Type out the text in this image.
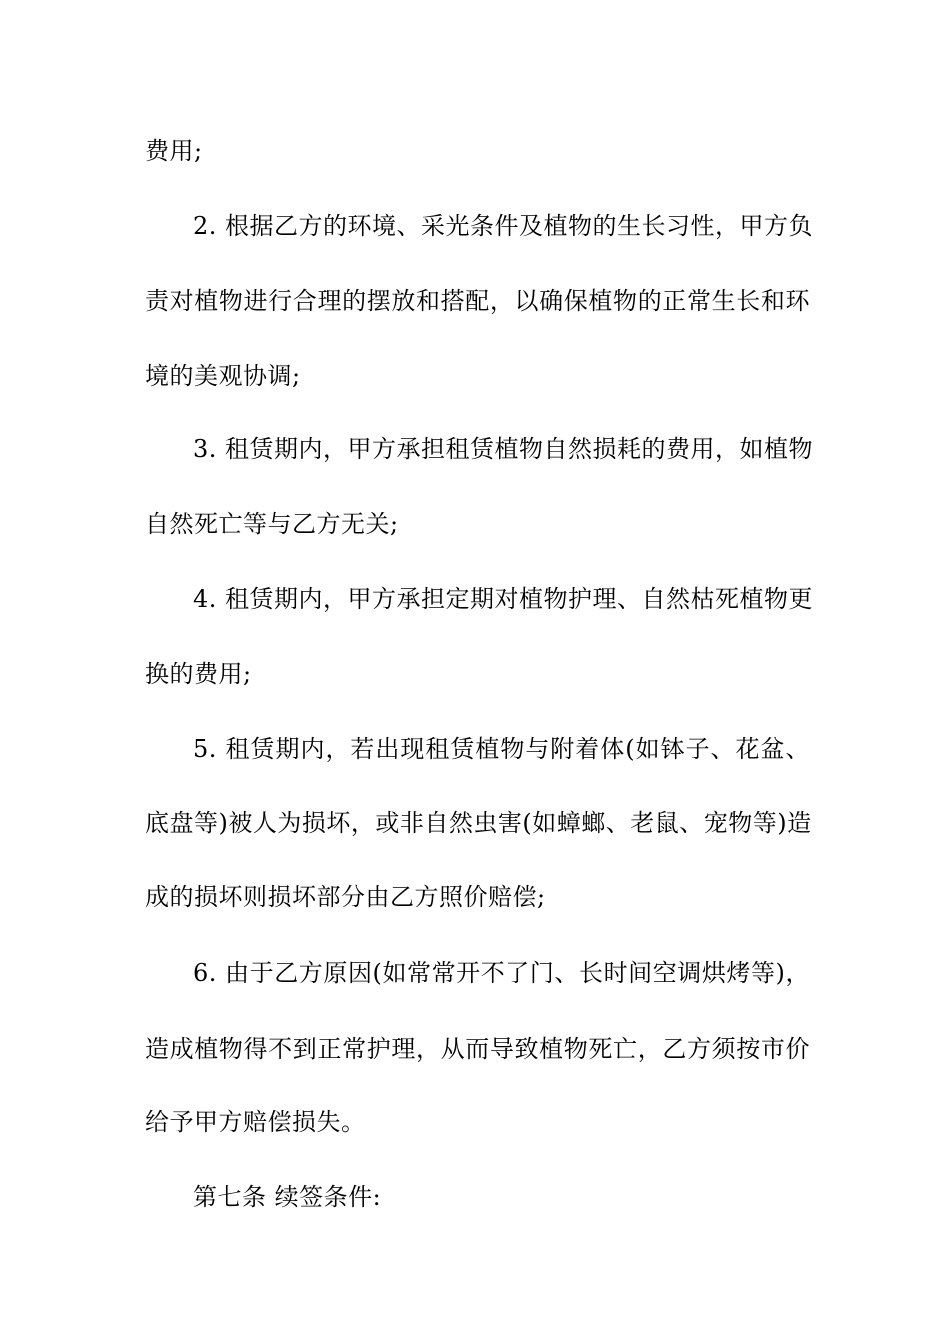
费用;
2. 根据乙方的环境、采光条件及植物的生长习性，甲方负
责对植物进行合理的摆放和搭配，以确保植物的正常生长和环
境的美观协调;
3. 租赁期内，甲方承担租赁植物自然损耗的费用，如植物
自然死亡等与乙方无关;
4. 租赁期内，甲方承担定期对植物护理、自然枯死植物更
换的费用;
5. 租赁期内，若出现租赁植物与附着体(如钵子、花盆、
底盘等)被人为损坏，或非自然虫害(如蟑螂、老鼠、宠物等)造
成的损坏则损坏部分由乙方照价赔偿;
6. 由于乙方原因(如常常开不了门、长时间空调烘烤等)，
造成植物得不到正常护理，从而导致植物死亡，乙方须按市价
给予甲方赔偿损失。
第七条 续签条件:
